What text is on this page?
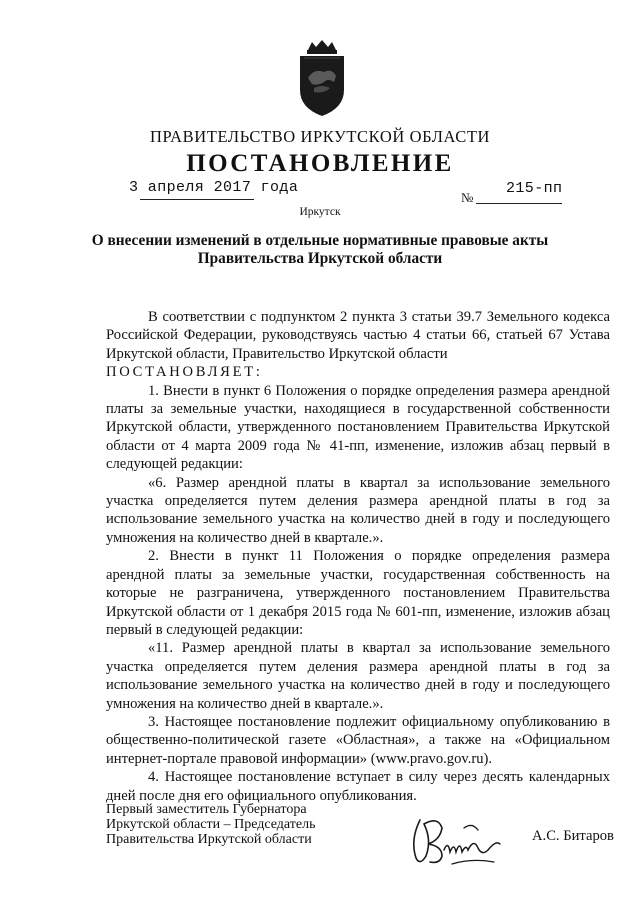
ПРАВИТЕЛЬСТВО ИРКУТСКОЙ ОБЛАСТИ
ПОСТАНОВЛЕНИЕ
3 апреля 2017 года
№
215-пп
Иркутск
О внесении изменений в отдельные нормативные правовые акты
Правительства Иркутской области

В соответствии с подпунктом 2 пункта 3 статьи 39.7 Земельного кодекса Российской Федерации, руководствуясь частью 4 статьи 66, статьей 67 Устава Иркутской области, Правительство Иркутской области

ПОСТАНОВЛЯЕТ:

1. Внести в пункт 6 Положения о порядке определения размера арендной платы за земельные участки, находящиеся в государственной собственности Иркутской области, утвержденного постановлением Правительства Иркутской области от 4 марта 2009 года № 41-пп, изменение, изложив абзац первый в следующей редакции:

«6. Размер арендной платы в квартал за использование земельного участка определяется путем деления размера арендной платы в год за использование земельного участка на количество дней в году и последующего умножения на количество дней в квартале.».

2. Внести в пункт 11 Положения о порядке определения размера арендной платы за земельные участки, государственная собственность на которые не разграничена, утвержденного постановлением Правительства Иркутской области от 1 декабря 2015 года № 601-пп, изменение, изложив абзац первый в следующей редакции:

«11. Размер арендной платы в квартал за использование земельного участка определяется путем деления размера арендной платы в год за использование земельного участка на количество дней в году и последующего умножения на количество дней в квартале.».

3. Настоящее постановление подлежит официальному опубликованию в общественно-политической газете «Областная», а также на «Официальном интернет-портале правовой информации» (www.pravo.gov.ru).

4. Настоящее постановление вступает в силу через десять календарных дней после дня его официального опубликования.

Первый заместитель Губернатора
Иркутской области – Председатель
Правительства Иркутской области	А.С. Битаров
